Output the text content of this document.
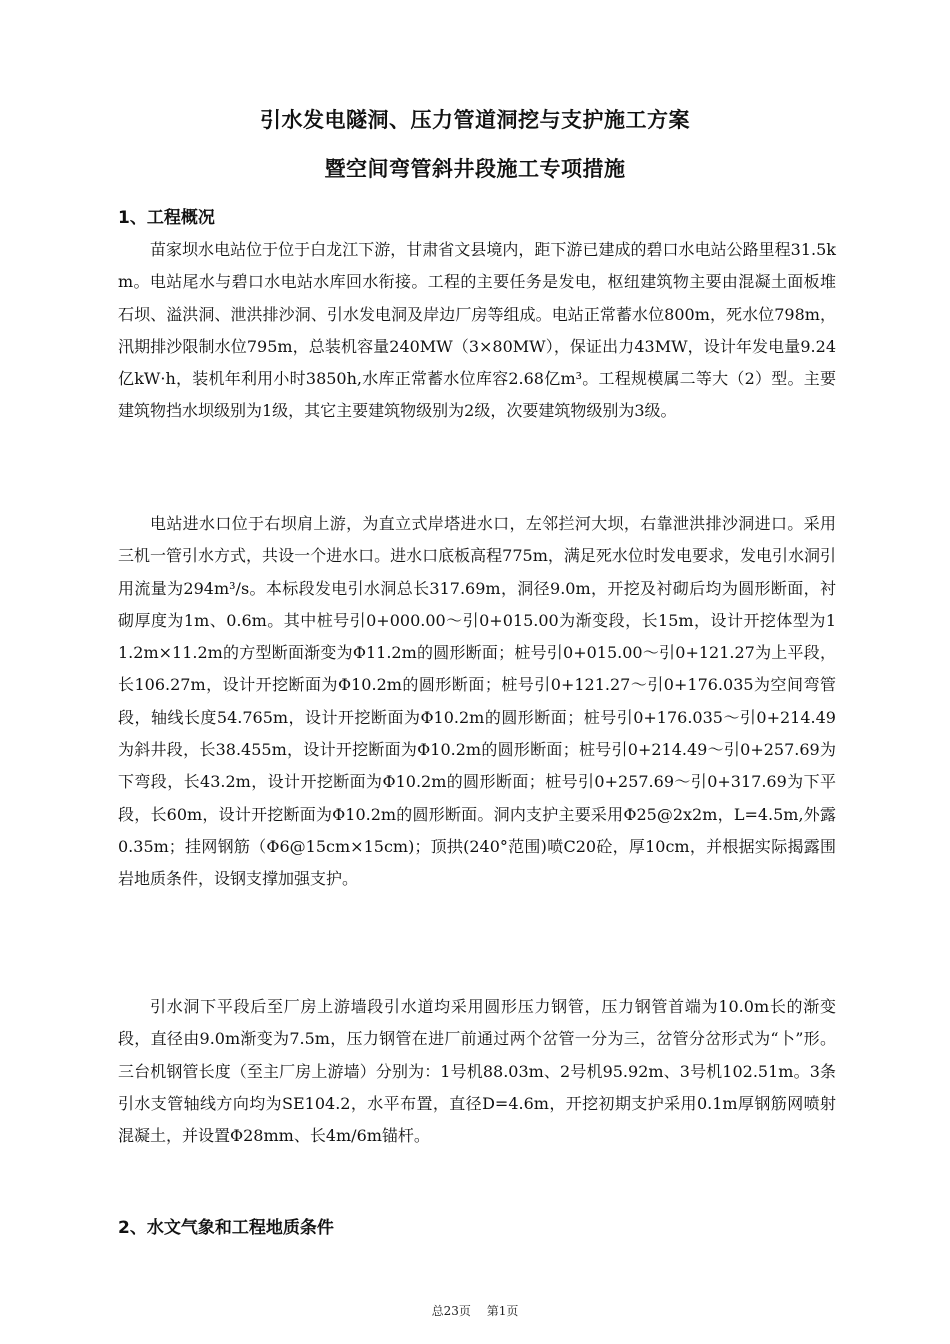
引水发电隧洞、压力管道洞挖与支护施工方案
暨空间弯管斜井段施工专项措施
1、工程概况

苗家坝水电站位于位于白龙江下游，甘肃省文县境内，距下游已建成的碧口水电站公路里程31.5km。电站尾水与碧口水电站水库回水衔接。工程的主要任务是发电，枢纽建筑物主要由混凝土面板堆石坝、溢洪洞、泄洪排沙洞、引水发电洞及岸边厂房等组成。电站正常蓄水位800m，死水位798m，汛期排沙限制水位795m，总装机容量240MW（3×80MW），保证出力43MW，设计年发电量9.24亿kW·h，装机年利用小时3850h,水库正常蓄水位库容2.68亿m³。工程规模属二等大（2）型。主要建筑物挡水坝级别为1级，其它主要建筑物级别为2级，次要建筑物级别为3级。

电站进水口位于右坝肩上游，为直立式岸塔进水口，左邻拦河大坝，右靠泄洪排沙洞进口。采用三机一管引水方式，共设一个进水口。进水口底板高程775m，满足死水位时发电要求，发电引水洞引用流量为294m³/s。本标段发电引水洞总长317.69m，洞径9.0m，开挖及衬砌后均为圆形断面，衬砌厚度为1m、0.6m。其中桩号引0+000.00～引0+015.00为渐变段，长15m，设计开挖体型为11.2m×11.2m的方型断面渐变为Φ11.2m的圆形断面；桩号引0+015.00～引0+121.27为上平段，长106.27m，设计开挖断面为Φ10.2m的圆形断面；桩号引0+121.27～引0+176.035为空间弯管段，轴线长度54.765m，设计开挖断面为Φ10.2m的圆形断面；桩号引0+176.035～引0+214.49为斜井段，长38.455m，设计开挖断面为Φ10.2m的圆形断面；桩号引0+214.49～引0+257.69为下弯段，长43.2m，设计开挖断面为Φ10.2m的圆形断面；桩号引0+257.69～引0+317.69为下平段，长60m，设计开挖断面为Φ10.2m的圆形断面。洞内支护主要采用Φ25@2x2m，L=4.5m,外露0.35m；挂网钢筋（Φ6@15cm×15cm)；顶拱(240°范围)喷C20砼，厚10cm，并根据实际揭露围岩地质条件，设钢支撑加强支护。

引水洞下平段后至厂房上游墙段引水道均采用圆形压力钢管，压力钢管首端为10.0m长的渐变段，直径由9.0m渐变为7.5m，压力钢管在进厂前通过两个岔管一分为三，岔管分岔形式为“卜”形。三台机钢管长度（至主厂房上游墙）分别为：1号机88.03m、2号机95.92m、3号机102.51m。3条引水支管轴线方向均为SE104.2，水平布置，直径D=4.6m，开挖初期支护采用0.1m厚钢筋网喷射混凝土，并设置Φ28mm、长4m/6m锚杆。

2、水文气象和工程地质条件
总23页 第1页
